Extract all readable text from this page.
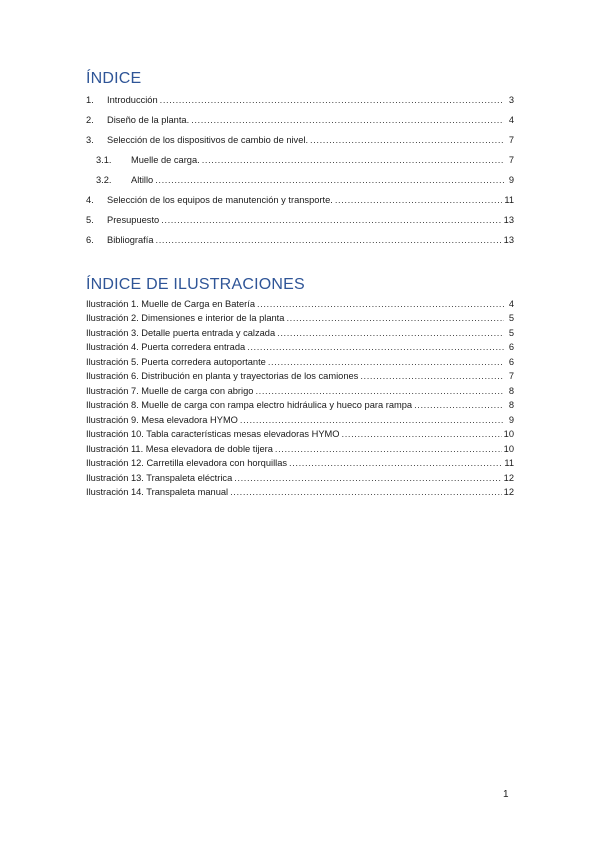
ÍNDICE
1.	Introducción .....	3
2.	Diseño de la planta. .....	4
3.	Selección de los dispositivos de cambio de nivel. .....	7
3.1.	Muelle de carga. .....	7
3.2.	Altillo .....	9
4.	Selección de los equipos de manutención y transporte. .....	11
5.	Presupuesto .....	13
6.	Bibliografía .....	13
ÍNDICE DE ILUSTRACIONES
Ilustración 1. Muelle de Carga en Batería .....	4
Ilustración 2. Dimensiones e interior de la planta .....	5
Ilustración 3. Detalle puerta entrada y calzada .....	5
Ilustración 4. Puerta corredera entrada .....	6
Ilustración 5. Puerta corredera autoportante .....	6
Ilustración 6. Distribución en planta y trayectorias de los camiones .....	7
Ilustración 7. Muelle de carga con abrigo .....	8
Ilustración 8. Muelle de carga con rampa electro hidráulica y hueco para rampa .....	8
Ilustración 9. Mesa elevadora HYMO .....	9
Ilustración 10. Tabla características mesas elevadoras HYMO .....	10
Ilustración 11. Mesa elevadora de doble tijera .....	10
Ilustración 12. Carretilla elevadora con horquillas .....	11
Ilustración 13. Transpaleta eléctrica .....	12
Ilustración 14. Transpaleta manual .....	12
1
